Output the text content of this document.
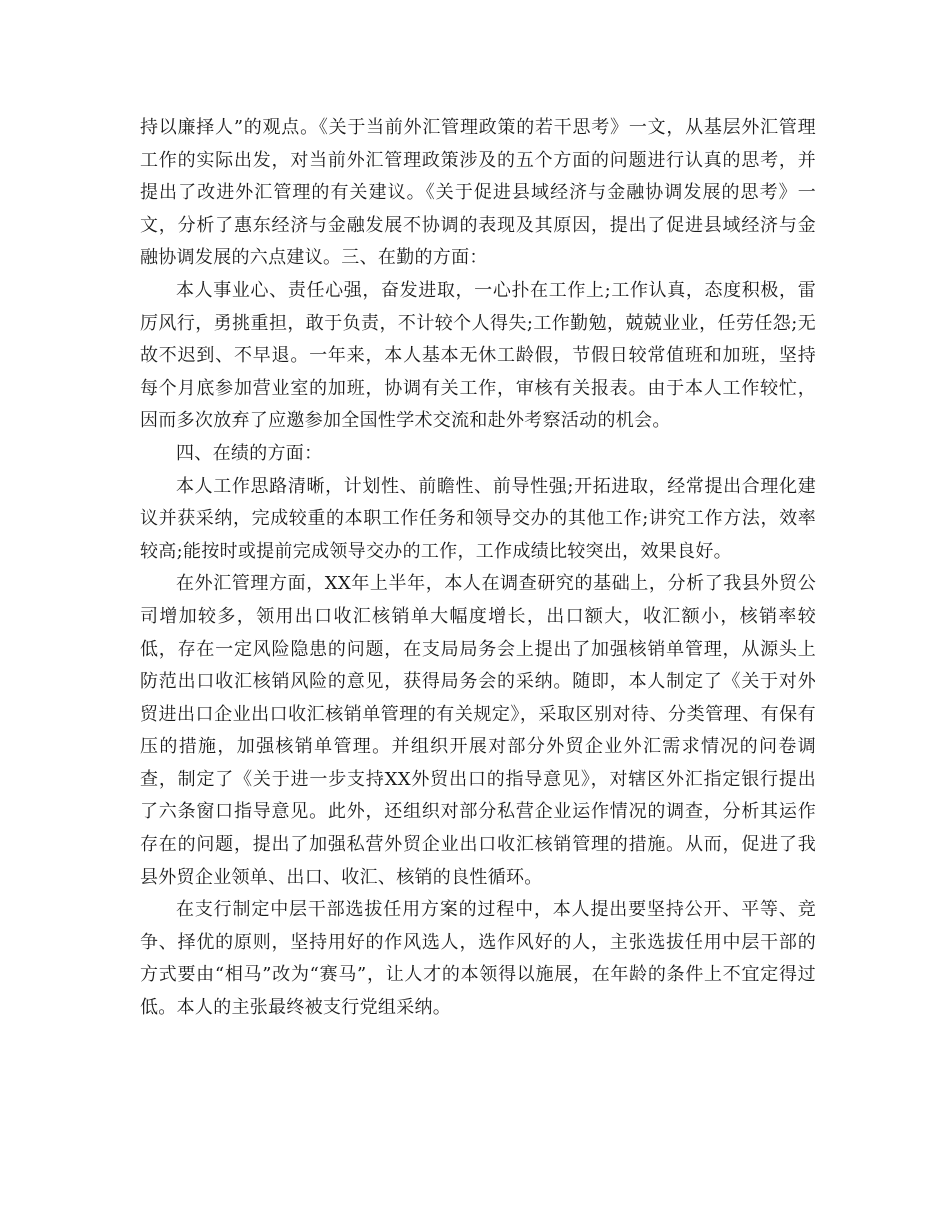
持以廉择人”的观点。《关于当前外汇管理政策的若干思考》一文，从基层外汇管理工作的实际出发，对当前外汇管理政策涉及的五个方面的问题进行认真的思考，并提出了改进外汇管理的有关建议。《关于促进县域经济与金融协调发展的思考》一文，分析了惠东经济与金融发展不协调的表现及其原因，提出了促进县域经济与金融协调发展的六点建议。三、在勤的方面：

本人事业心、责任心强，奋发进取，一心扑在工作上;工作认真，态度积极，雷厉风行，勇挑重担，敢于负责，不计较个人得失;工作勤勉，兢兢业业，任劳任怨;无故不迟到、不早退。一年来，本人基本无休工龄假，节假日较常值班和加班，坚持每个月底参加营业室的加班，协调有关工作，审核有关报表。由于本人工作较忙，因而多次放弃了应邀参加全国性学术交流和赴外考察活动的机会。

四、在绩的方面：

本人工作思路清晰，计划性、前瞻性、前导性强;开拓进取，经常提出合理化建议并获采纳，完成较重的本职工作任务和领导交办的其他工作;讲究工作方法，效率较高;能按时或提前完成领导交办的工作，工作成绩比较突出，效果良好。

在外汇管理方面，XX年上半年，本人在调查研究的基础上，分析了我县外贸公司增加较多，领用出口收汇核销单大幅度增长，出口额大，收汇额小，核销率较低，存在一定风险隐患的问题，在支局局务会上提出了加强核销单管理，从源头上防范出口收汇核销风险的意见，获得局务会的采纳。随即，本人制定了《关于对外贸进出口企业出口收汇核销单管理的有关规定》，采取区别对待、分类管理、有保有压的措施，加强核销单管理。并组织开展对部分外贸企业外汇需求情况的问卷调查，制定了《关于进一步支持XX外贸出口的指导意见》，对辖区外汇指定银行提出了六条窗口指导意见。此外，还组织对部分私营企业运作情况的调查，分析其运作存在的问题，提出了加强私营外贸企业出口收汇核销管理的措施。从而，促进了我县外贸企业领单、出口、收汇、核销的良性循环。

在支行制定中层干部选拔任用方案的过程中，本人提出要坚持公开、平等、竞争、择优的原则，坚持用好的作风选人，选作风好的人，主张选拔任用中层干部的方式要由“相马”改为“赛马”，让人才的本领得以施展，在年龄的条件上不宜定得过低。本人的主张最终被支行党组采纳。
